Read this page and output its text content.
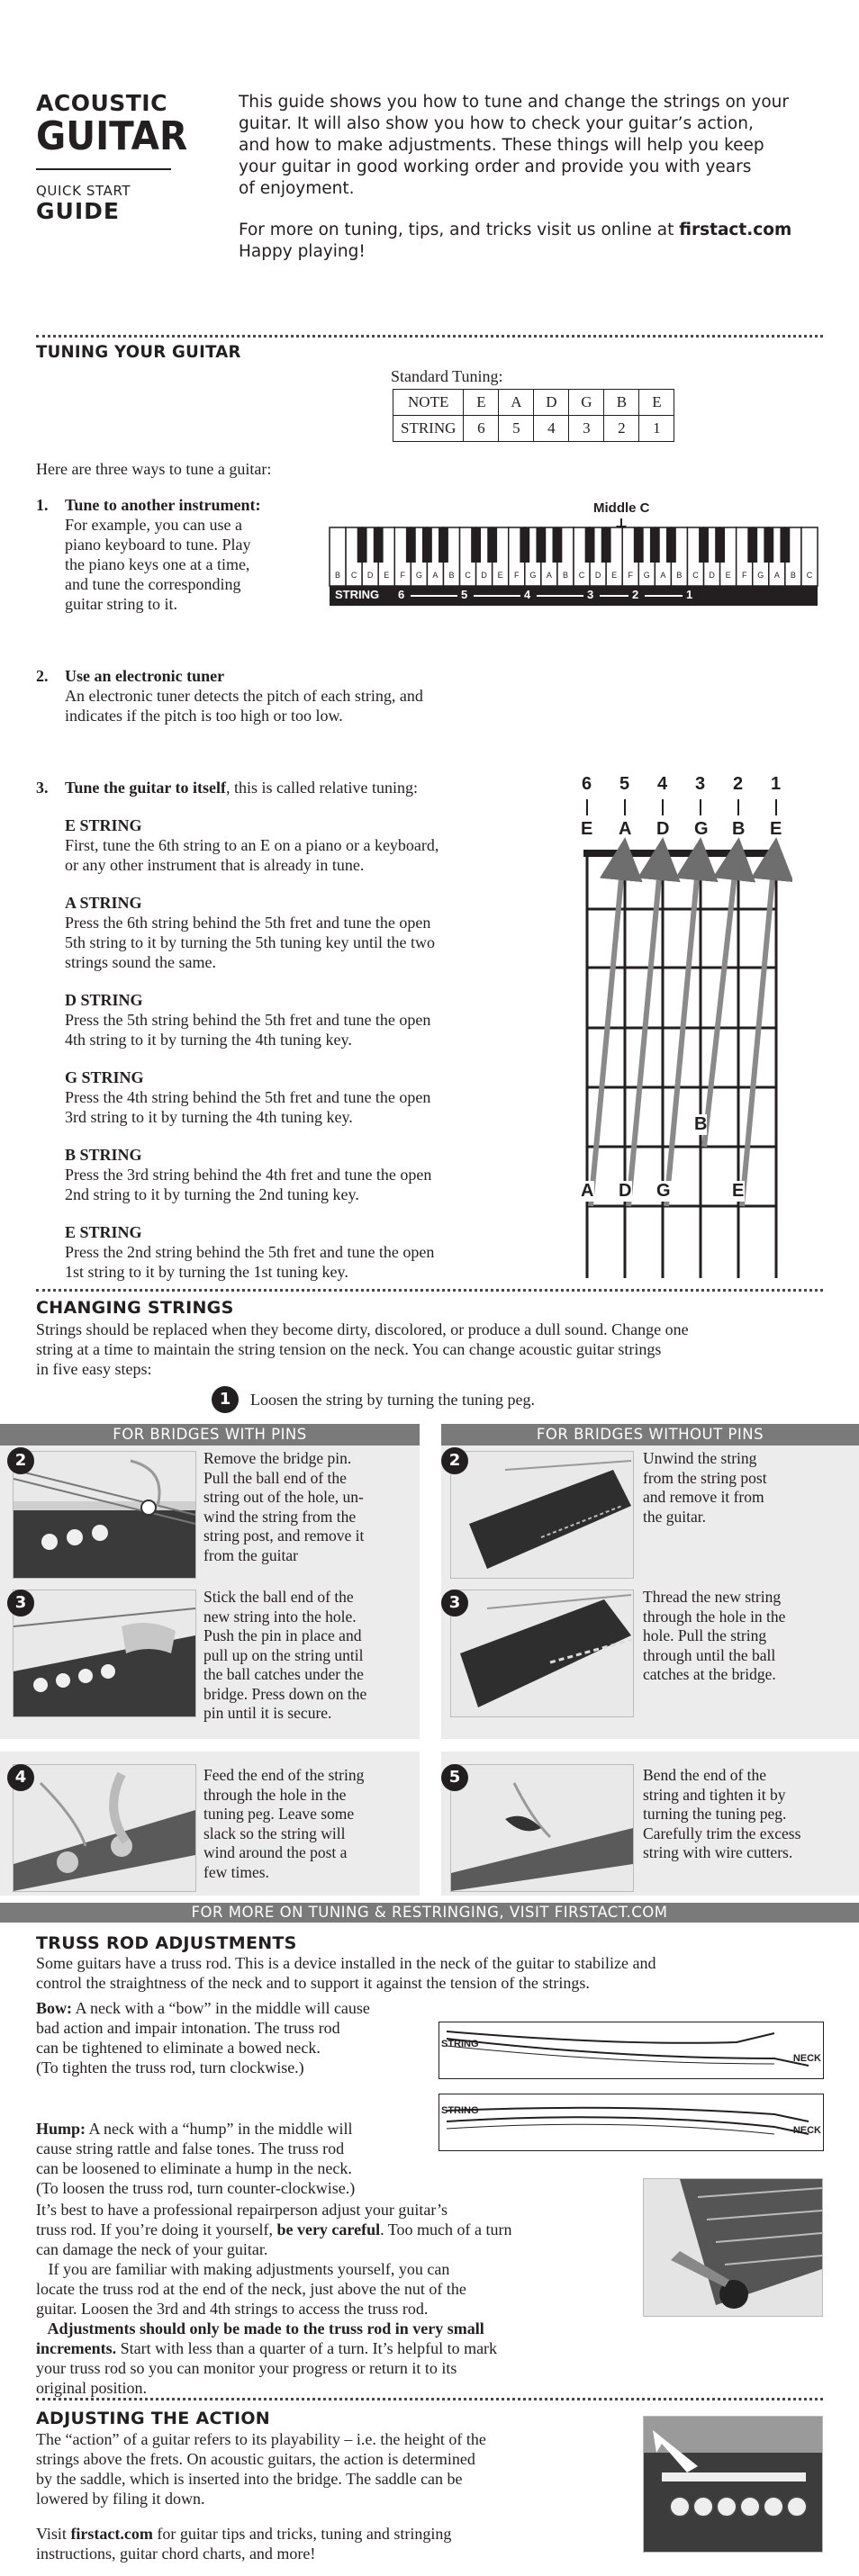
ACOUSTIC
GUITAR
QUICK START
GUIDE
This guide shows you how to tune and change the strings on your
guitar. It will also show you how to check your guitar’s action,
and how to make adjustments. These things will help you keep
your guitar in good working order and provide you with years
of enjoyment.
For more on tuning, tips, and tricks visit us online at firstact.com
Happy playing!
TUNING YOUR GUITAR
Standard Tuning:
NOTE	E	A	D	G	B	E
STRING	6	5	4	3	2	1
Here are three ways to tune a guitar:
1. Tune to another instrument:
For example, you can use a
piano keyboard to tune. Play
the piano keys one at a time,
and tune the corresponding
guitar string to it.
Middle C
B	C	D	E	F	G	A	B	C	D	E	F	G	A	B	C	D	E	F	G	A	B	C	D	E	F	G	A	B	C
STRING 6	5	4	3	2	1
2. Use an electronic tuner
An electronic tuner detects the pitch of each string, and
indicates if the pitch is too high or too low.
3. Tune the guitar to itself, this is called relative tuning:
E STRING
First, tune the 6th string to an E on a piano or a keyboard,
or any other instrument that is already in tune.
A STRING
Press the 6th string behind the 5th fret and tune the open
5th string to it by turning the 5th tuning key until the two
strings sound the same.
D STRING
Press the 5th string behind the 5th fret and tune the open
4th string to it by turning the 4th tuning key.
G STRING
Press the 4th string behind the 5th fret and tune the open
3rd string to it by turning the 4th tuning key.
B STRING
Press the 3rd string behind the 4th fret and tune the open
2nd string to it by turning the 2nd tuning key.
E STRING
Press the 2nd string behind the 5th fret and tune the open
1st string to it by turning the 1st tuning key.
6 5 4 3 2 1
E A D G B E
A D G	E
B
CHANGING STRINGS
Strings should be replaced when they become dirty, discolored, or produce a dull sound. Change one
string at a time to maintain the string tension on the neck. You can change acoustic guitar strings
in five easy steps:
1	Loosen the string by turning the tuning peg.
FOR BRIDGES WITH PINS	FOR BRIDGES WITHOUT PINS
2	Remove the bridge pin.
Pull the ball end of the
string out of the hole, un-
wind the string from the
string post, and remove it
from the guitar
3	Stick the ball end of the
new string into the hole.
Push the pin in place and
pull up on the string until
the ball catches under the
bridge. Press down on the
pin until it is secure.
2	Unwind the string
from the string post
and remove it from
the guitar.
3	Thread the new string
through the hole in the
hole. Pull the string
through until the ball
catches at the bridge.
4	Feed the end of the string
through the hole in the
tuning peg. Leave some
slack so the string will
wind around the post a
few times.
5	Bend the end of the
string and tighten it by
turning the tuning peg.
Carefully trim the excess
string with wire cutters.
FOR MORE ON TUNING & RESTRINGING, VISIT FIRSTACT.COM
TRUSS ROD ADJUSTMENTS
Some guitars have a truss rod. This is a device installed in the neck of the guitar to stabilize and
control the straightness of the neck and to support it against the tension of the strings.
Bow: A neck with a “bow” in the middle will cause
bad action and impair intonation. The truss rod
can be tightened to eliminate a bowed neck.
(To tighten the truss rod, turn clockwise.)
STRING
NECK
Hump: A neck with a “hump” in the middle will
cause string rattle and false tones. The truss rod
can be loosened to eliminate a hump in the neck.
(To loosen the truss rod, turn counter-clockwise.)
STRING
NECK
It’s best to have a professional repairperson adjust your guitar’s
truss rod. If you’re doing it yourself, be very careful. Too much of a turn
can damage the neck of your guitar.
If you are familiar with making adjustments yourself, you can
locate the truss rod at the end of the neck, just above the nut of the
guitar. Loosen the 3rd and 4th strings to access the truss rod.
Adjustments should only be made to the truss rod in very small
increments. Start with less than a quarter of a turn. It’s helpful to mark
your truss rod so you can monitor your progress or return it to its
original position.
ADJUSTING THE ACTION
The “action” of a guitar refers to its playability – i.e. the height of the
strings above the frets. On acoustic guitars, the action is determined
by the saddle, which is inserted into the bridge. The saddle can be
lowered by filing it down.
Visit firstact.com for guitar tips and tricks, tuning and stringing
instructions, guitar chord charts, and more!
